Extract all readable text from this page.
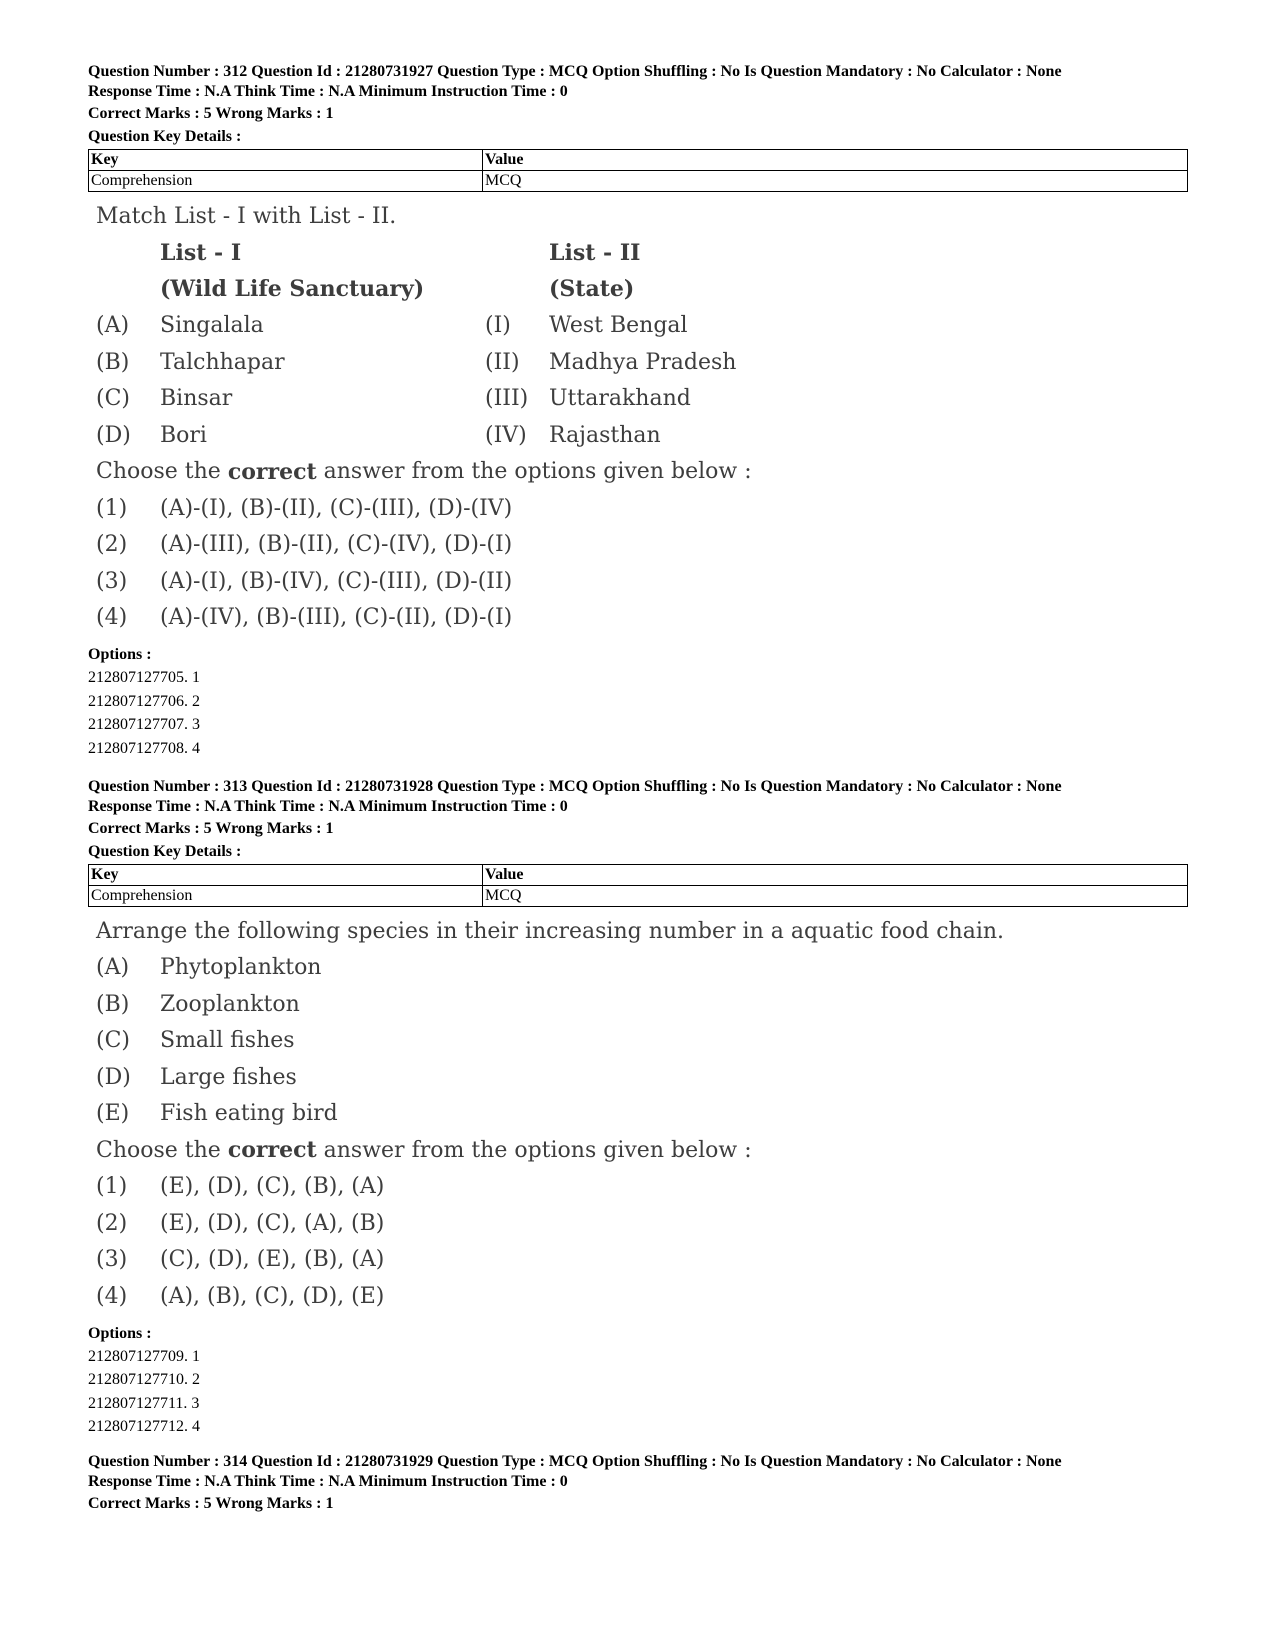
Question Number : 312 Question Id : 21280731927 Question Type : MCQ Option Shuffling : No Is Question Mandatory : No Calculator : None
Response Time : N.A Think Time : N.A Minimum Instruction Time : 0
Correct Marks : 5 Wrong Marks : 1
Question Key Details :
Key	Value
Comprehension	MCQ
Match List - I with List - II.
List - I	List - II
(Wild Life Sanctuary)	(State)
(A)	Singalala	(I)	West Bengal
(B)	Talchhapar	(II)	Madhya Pradesh
(C)	Binsar	(III) Uttarakhand
(D)	Bori	(IV)	Rajasthan
Choose the correct answer from the options given below :
(1)	(A)-(I), (B)-(II), (C)-(III), (D)-(IV)
(2)	(A)-(III), (B)-(II), (C)-(IV), (D)-(I)
(3)	(A)-(I), (B)-(IV), (C)-(III), (D)-(II)
(4)	(A)-(IV), (B)-(III), (C)-(II), (D)-(I)
Options :
212807127705. 1
212807127706. 2
212807127707. 3
212807127708. 4
Question Number : 313 Question Id : 21280731928 Question Type : MCQ Option Shuffling : No Is Question Mandatory : No Calculator : None
Response Time : N.A Think Time : N.A Minimum Instruction Time : 0
Correct Marks : 5 Wrong Marks : 1
Question Key Details :
Key	Value
Comprehension	MCQ
Arrange the following species in their increasing number in a aquatic food chain.
(A)	Phytoplankton
(B)	Zooplankton
(C)	Small fishes
(D)	Large fishes
(E)	Fish eating bird
Choose the correct answer from the options given below :
(1)	(E), (D), (C), (B), (A)
(2)	(E), (D), (C), (A), (B)
(3)	(C), (D), (E), (B), (A)
(4)	(A), (B), (C), (D), (E)
Options :
212807127709. 1
212807127710. 2
212807127711. 3
212807127712. 4
Question Number : 314 Question Id : 21280731929 Question Type : MCQ Option Shuffling : No Is Question Mandatory : No Calculator : None
Response Time : N.A Think Time : N.A Minimum Instruction Time : 0
Correct Marks : 5 Wrong Marks : 1
